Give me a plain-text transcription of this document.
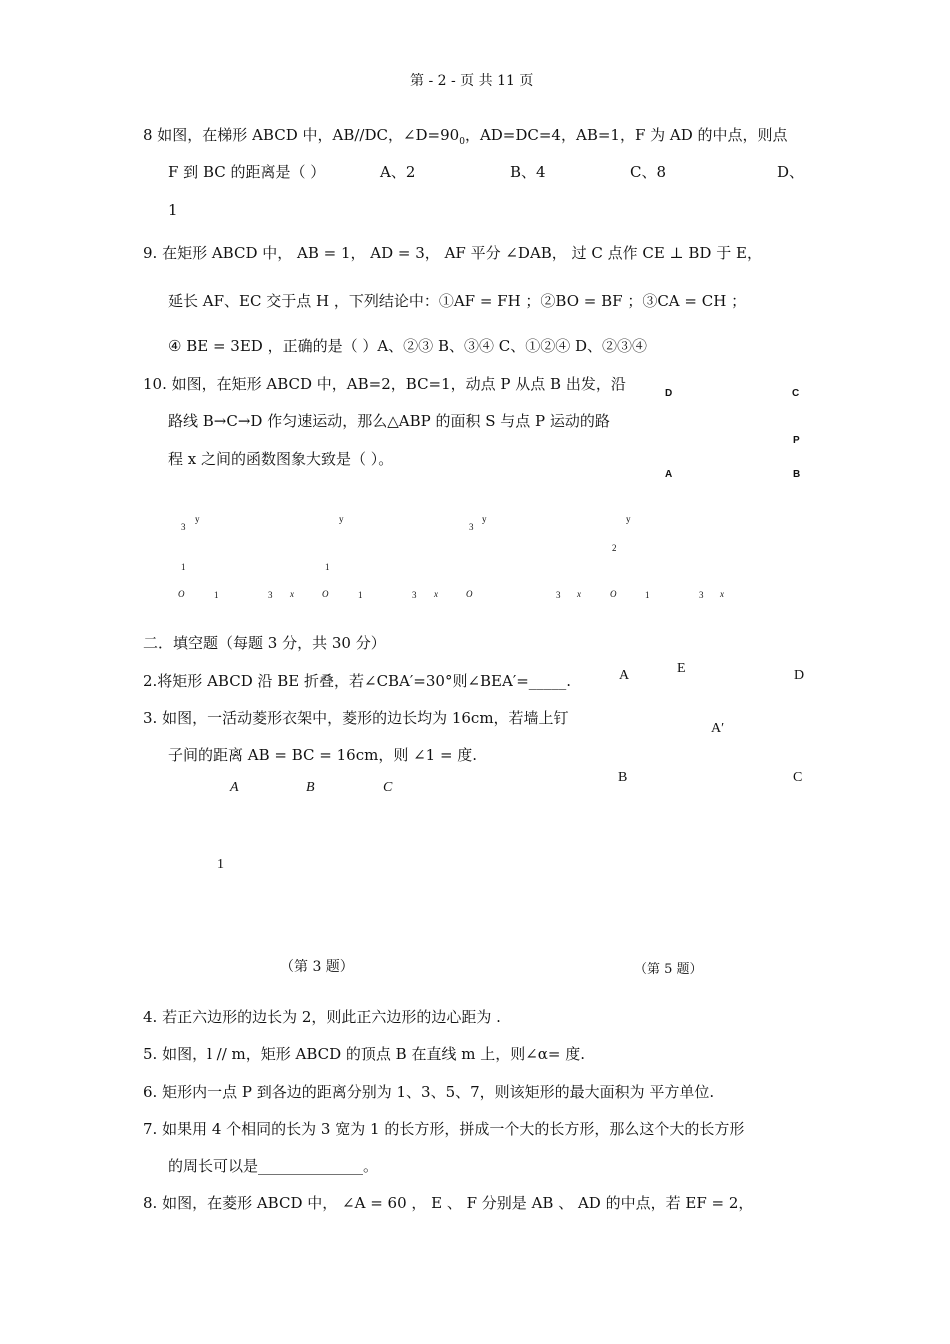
第 - 2 - 页 共 11 页
8 如图，在梯形 ABCD 中，AB//DC，$\angle D=90_0$，AD=DC=4，AB=1，F 为 AD 的中点，则点
F 到 BC 的距离是（ ）	A、2	B、4	C、8	D、
1
9. 在矩形 ABCD 中， AB = 1， AD = 3， AF 平分 ∠DAB， 过 C 点作 CE ⊥ BD 于 E，
延长 AF、EC 交于点 H ，下列结论中：①AF = FH ；②BO = BF ；③CA = CH ；
④ BE = 3ED ，正确的是（ ）A、②③ B、③④ C、①②④ D、②③④
10. 如图，在矩形 ABCD 中，AB=2，BC=1，动点 P 从点 B 出发，沿
路线 B→C→D 作匀速运动，那么△ABP 的面积 S 与点 P 运动的路
程 x 之间的函数图象大致是（ ）。
D	C
P
A	B
3
y
1
O	1	3 x
y
1
O	1	3 x
3
y
O	3 x
y
2
O	1	3 x
二．填空题（每题 3 分，共 30 分）
2.将矩形 ABCD 沿 BE 折叠，若∠CBA′=30°则∠BEA′=_____.	A	E	D
A′
B	C
3. 如图，一活动菱形衣架中，菱形的边长均为 16cm，若墙上钉
子间的距离 AB = BC = 16cm，则 ∠1 = 度.
A	B	C
1
（第 3 题）	（第 5 题）
4. 若正六边形的边长为 2，则此正六边形的边心距为 .
5. 如图，l // m，矩形 ABCD 的顶点 B 在直线 m 上，则∠α= 度.
6. 矩形内一点 P 到各边的距离分别为 1、3、5、7，则该矩形的最大面积为 平方单位.
7. 如果用 4 个相同的长为 3 宽为 1 的长方形，拼成一个大的长方形，那么这个大的长方形
的周长可以是______________。
8. 如图，在菱形 ABCD 中， ∠A = 60 ， E 、 F 分别是 AB 、 AD 的中点，若 EF = 2，
